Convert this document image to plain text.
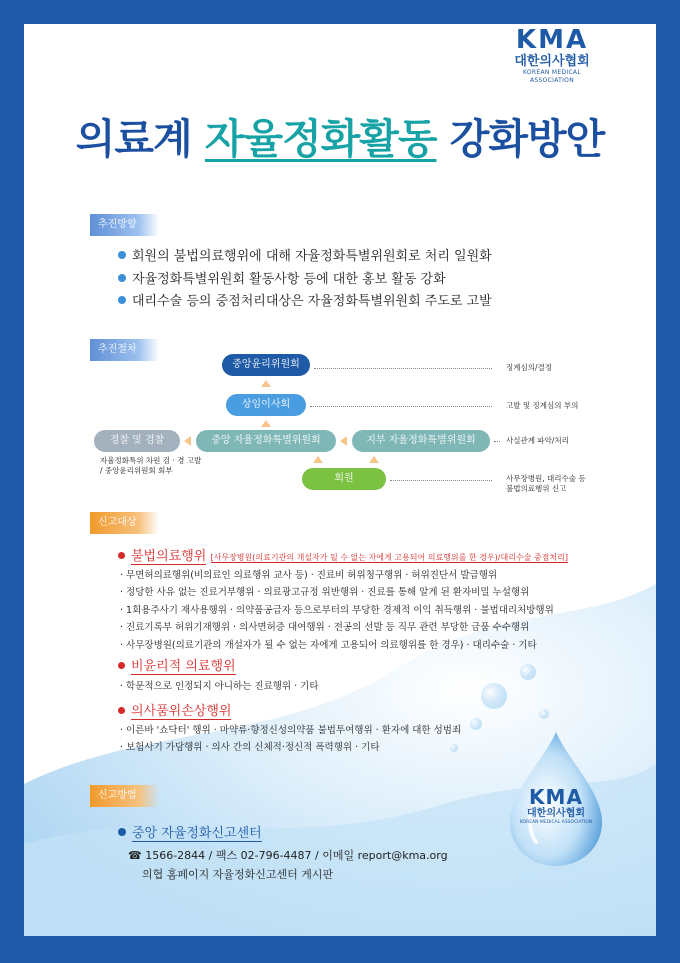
KMA
대한의사협회
KOREAN MEDICAL ASSOCIATION
의료계 자율정화활동 강화방안
추진방향
회원의 불법의료행위에 대해 자율정화특별위원회로 처리 일원화
자율정화특별위원회 활동사항 등에 대한 홍보 활동 강화
대리수술 등의 중점처리대상은 자율정화특별위원회 주도로 고발
추진절차
중앙윤리위원회
상임이사회
경찰 및 검찰	중앙 자율정화특별위원회	지부 자율정화특별위원회
회원
징계심의/결정
고발 및 징계심의 부의
사실관계 파악/처리
사무장병원, 대리수술 등
불법의료행위 신고
자율정화특위 차원 검 · 경 고발
/ 중앙윤리위원회 회부
신고대상
불법의료행위 [사무장병원(의료기관의 개설자가 될 수 없는 자에게 고용되어 의료행위를 한 경우)/대리수술 중점처리]
· 무면허의료행위(비의료인 의료행위 교사 등) · 진료비 허위청구행위 · 허위진단서 발급행위
· 정당한 사유 없는 진료거부행위 · 의료광고규정 위반행위 · 진료를 통해 알게 된 환자비밀 누설행위
· 1회용주사기 재사용행위 · 의약품공급자 등으로부터의 부당한 경제적 이익 취득행위 · 불법대리처방행위
· 진료기록부 허위기재행위 · 의사면허증 대여행위 · 전공의 선발 등 직무 관련 부당한 금품 수수행위
· 사무장병원(의료기관의 개설자가 될 수 없는 자에게 고용되어 의료행위를 한 경우) · 대리수술 · 기타
비윤리적 의료행위
· 학문적으로 인정되지 아니하는 진료행위 · 기타
의사품위손상행위
· 이른바 '쇼닥터' 행위 · 마약류·향정신성의약품 불법투여행위 · 환자에 대한 성범죄
· 보험사기 가담행위 · 의사 간의 신체적·정신적 폭력행위 · 기타
신고방법
중앙 자율정화신고센터
☎ 1566-2844 / 팩스 02-796-4487 / 이메일 report@kma.org
의협 홈페이지 자율정화신고센터 게시판
KMA
대한의사협회
KOREAN MEDICAL ASSOCIATION
